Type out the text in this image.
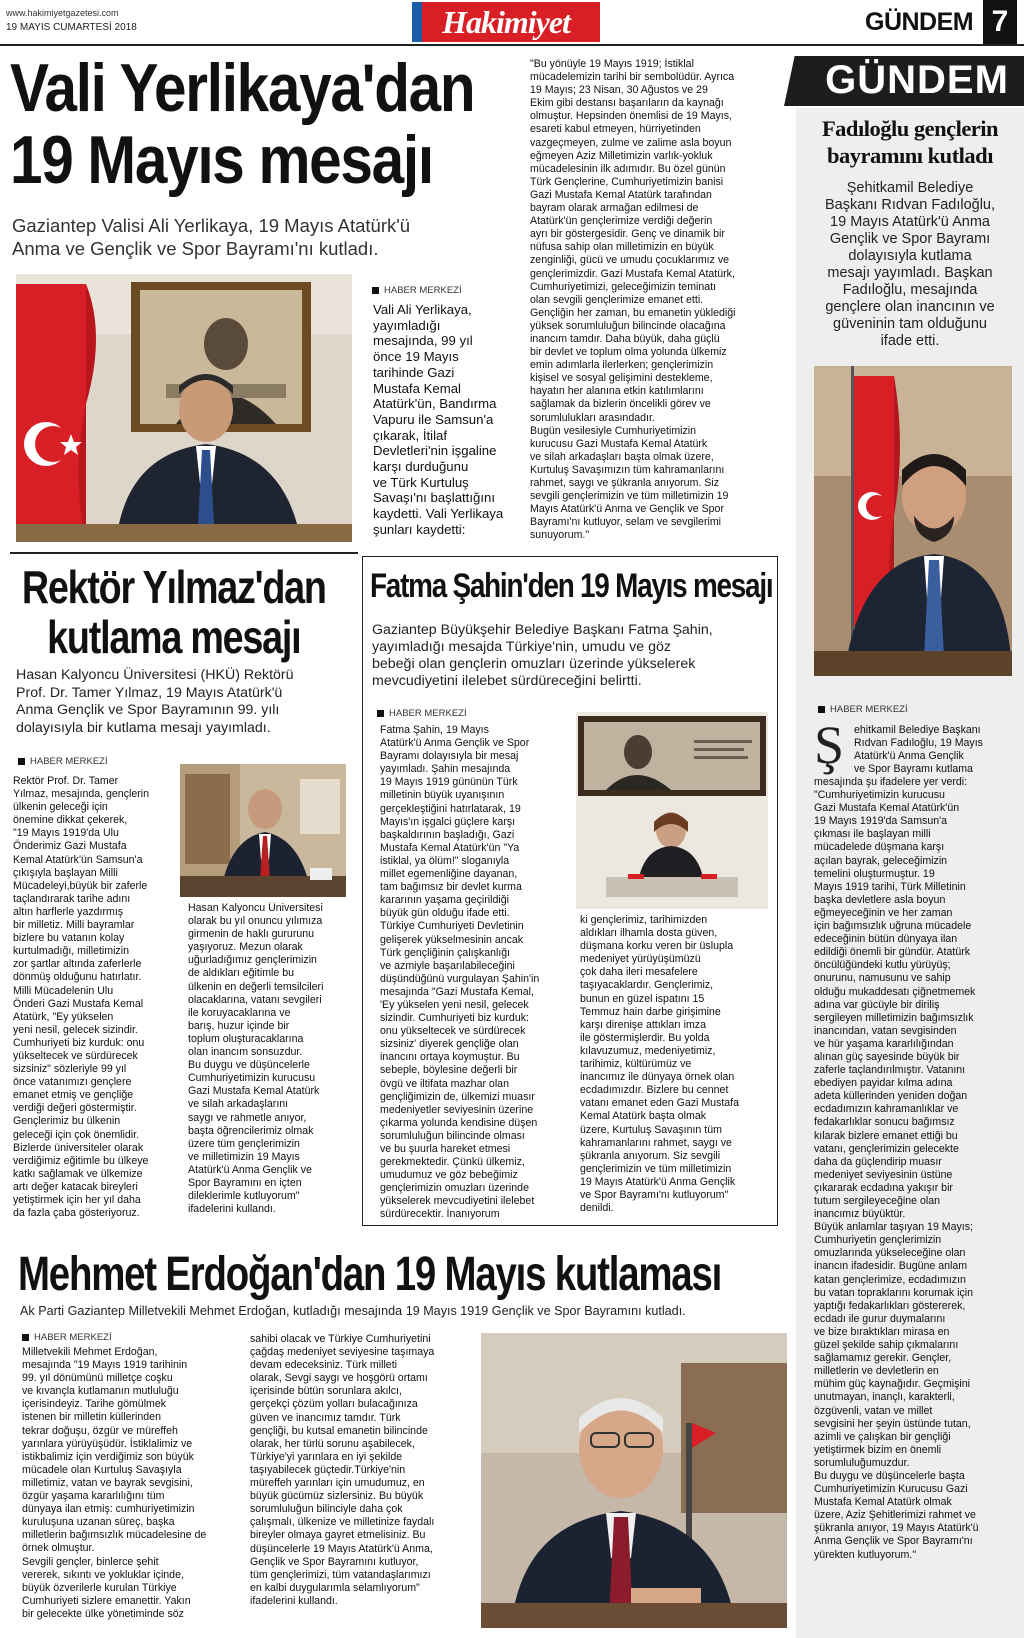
www.hakimiyetgazetesi.com
19 MAYIS CUMARTESİ 2018	Hakimiyet	GÜNDEM 7
Vali Yerlikaya'dan
19 Mayıs mesajı
Gaziantep Valisi Ali Yerlikaya, 19 Mayıs Atatürk'ü
Anma ve Gençlik ve Spor Bayramı'nı kutladı.
HABER MERKEZİ
Vali Ali Yerlikaya,
yayımladığı
mesajında, 99 yıl
önce 19 Mayıs
tarihinde Gazi
Mustafa Kemal
Atatürk'ün, Bandırma
Vapuru ile Samsun'a
çıkarak, İtilaf
Devletleri'nin işgaline
karşı durduğunu
ve Türk Kurtuluş
Savaşı'nı başlattığını
kaydetti. Vali Yerlikaya
şunları kaydetti:
"Bu yönüyle 19 Mayıs 1919; İstiklal
mücadelemizin tarihi bir sembolüdür. Ayrıca
19 Mayıs; 23 Nisan, 30 Ağustos ve 29
Ekim gibi destansı başarıların da kaynağı
olmuştur. Hepsinden önemlisi de 19 Mayıs,
esareti kabul etmeyen, hürriyetinden
vazgeçmeyen, zulme ve zalime asla boyun
eğmeyen Aziz Milletimizin varlık-yokluk
mücadelesinin ilk adımıdır. Bu özel günün
Türk Gençlerine, Cumhuriyetimizin banisi
Gazi Mustafa Kemal Atatürk tarafından
bayram olarak armağan edilmesi de
Atatürk'ün gençlerimize verdiği değerin
ayrı bir göstergesidir. Genç ve dinamik bir
nüfusa sahip olan milletimizin en büyük
zenginliği, gücü ve umudu çocuklarımız ve
gençlerimizdir. Gazi Mustafa Kemal Atatürk,
Cumhuriyetimizi, geleceğimizin teminatı
olan sevgili gençlerimize emanet etti.
Gençliğin her zaman, bu emanetin yüklediği
yüksek sorumluluğun bilincinde olacağına
inancım tamdır. Daha büyük, daha güçlü
bir devlet ve toplum olma yolunda ülkemiz
emin adımlarla ilerlerken; gençlerimizin
kişisel ve sosyal gelişimini destekleme,
hayatın her alanına etkin katılımlarını
sağlamak da bizlerin öncelikli görev ve
sorumlulukları arasındadır.
Bugün vesilesiyle Cumhuriyetimizin
kurucusu Gazi Mustafa Kemal Atatürk
ve silah arkadaşları başta olmak üzere,
Kurtuluş Savaşımızın tüm kahramanlarını
rahmet, saygı ve şükranla anıyorum. Siz
sevgili gençlerimizin ve tüm milletimizin 19
Mayıs Atatürk'ü Anma ve Gençlik ve Spor
Bayramı'nı kutluyor, selam ve sevgilerimi
sunuyorum."
Rektör Yılmaz'dan
kutlama mesajı
Hasan Kalyoncu Üniversitesi (HKÜ) Rektörü
Prof. Dr. Tamer Yılmaz, 19 Mayıs Atatürk'ü
Anma Gençlik ve Spor Bayramının 99. yılı
dolayısıyla bir kutlama mesajı yayımladı.
HABER MERKEZİ
Rektör Prof. Dr. Tamer
Yılmaz, mesajında, gençlerin
ülkenin geleceği için
önemine dikkat çekerek,
"19 Mayıs 1919'da Ulu
Önderimiz Gazi Mustafa
Kemal Atatürk'ün Samsun'a
çıkışıyla başlayan Milli
Mücadeleyi,büyük bir zaferle
taçlandırarak tarihe adını
altın harflerle yazdırmış
bir milletiz. Milli bayramlar
bizlere bu vatanın kolay
kurtulmadığı, milletimizin
zor şartlar altında zaferlerle
dönmüş olduğunu hatırlatır.
Milli Mücadelenin Ulu
Önderi Gazi Mustafa Kemal
Atatürk, "Ey yükselen
yeni nesil, gelecek sizindir.
Cumhuriyeti biz kurduk: onu
yükseltecek ve sürdürecek
sizsiniz" sözleriyle 99 yıl
önce vatanımızı gençlere
emanet etmiş ve gençliğe
verdiği değeri göstermiştir.
Gençlerimiz bu ülkenin
geleceği için çok önemlidir.
Bizlerde üniversiteler olarak
verdiğimiz eğitimle bu ülkeye
katkı sağlamak ve ülkemize
artı değer katacak bireyleri
yetiştirmek için her yıl daha
da fazla çaba gösteriyoruz.
Hasan Kalyoncu Üniversitesi
olarak bu yıl onuncu yılımıza
girmenin de haklı gururunu
yaşıyoruz. Mezun olarak
uğurladığımız gençlerimizin
de aldıkları eğitimle bu
ülkenin en değerli temsilcileri
olacaklarına, vatanı sevgileri
ile koruyacaklarına ve
barış, huzur içinde bir
toplum oluşturacaklarına
olan inancım sonsuzdur.
Bu duygu ve düşüncelerle
Cumhuriyetimizin kurucusu
Gazi Mustafa Kemal Atatürk
ve silah arkadaşlarını
saygı ve rahmetle anıyor,
başta öğrencilerimiz olmak
üzere tüm gençlerimizin
ve milletimizin 19 Mayıs
Atatürk'ü Anma Gençlik ve
Spor Bayramını en içten
dileklerimle kutluyorum"
ifadelerini kullandı.
Fatma Şahin'den 19 Mayıs mesajı
Gaziantep Büyükşehir Belediye Başkanı Fatma Şahin,
yayımladığı mesajda Türkiye'nin, umudu ve göz
bebeği olan gençlerin omuzları üzerinde yükselerek
mevcudiyetini ilelebet sürdüreceğini belirtti.
HABER MERKEZİ
Fatma Şahin, 19 Mayıs
Atatürk'ü Anma Gençlik ve Spor
Bayramı dolayısıyla bir mesaj
yayımladı. Şahin mesajında
19 Mayıs 1919 gününün Türk
milletinin büyük uyanışının
gerçekleştiğini hatırlatarak, 19
Mayıs'ın işgalci güçlere karşı
başkaldırının başladığı, Gazi
Mustafa Kemal Atatürk'ün "Ya
istiklal, ya ölüm!" sloganıyla
millet egemenliğine dayanan,
tam bağımsız bir devlet kurma
kararının yaşama geçirildiği
büyük gün olduğu ifade etti.
Türkiye Cumhuriyeti Devletinin
gelişerek yükselmesinin ancak
Türk gençliğinin çalışkanlığı
ve azmiyle başarılabileceğini
düşündüğünü vurgulayan Şahin'in
mesajında "Gazi Mustafa Kemal,
'Ey yükselen yeni nesil, gelecek
sizindir. Cumhuriyeti biz kurduk:
onu yükseltecek ve sürdürecek
sizsiniz' diyerek gençliğe olan
inancını ortaya koymuştur. Bu
sebeple, böylesine değerli bir
övgü ve iltifata mazhar olan
gençliğimizin de, ülkemizi muasır
medeniyetler seviyesinin üzerine
çıkarma yolunda kendisine düşen
sorumluluğun bilincinde olması
ve bu şuurla hareket etmesi
gerekmektedir. Çünkü ülkemiz,
umudumuz ve göz bebeğimiz
gençlerimizin omuzları üzerinde
yükselerek mevcudiyetini ilelebet
sürdürecektir. İnanıyorum
ki gençlerimiz, tarihimizden
aldıkları ilhamla dosta güven,
düşmana korku veren bir üslupla
medeniyet yürüyüşümüzü
çok daha ileri mesafelere
taşıyacaklardır. Gençlerimiz,
bunun en güzel ispatını 15
Temmuz hain darbe girişimine
karşı direnişe attıkları imza
ile göstermişlerdir. Bu yolda
kılavuzumuz, medeniyetimiz,
tarihimiz, kültürümüz ve
inancımız ile dünyaya örnek olan
ecdadımızdır. Bizlere bu cennet
vatanı emanet eden Gazi Mustafa
Kemal Atatürk başta olmak
üzere, Kurtuluş Savaşının tüm
kahramanlarını rahmet, saygı ve
şükranla anıyorum. Siz sevgili
gençlerimizin ve tüm milletimizin
19 Mayıs Atatürk'ü Anma Gençlik
ve Spor Bayramı'nı kutluyorum"
denildi.
Mehmet Erdoğan'dan 19 Mayıs kutlaması
Ak Parti Gaziantep Milletvekili Mehmet Erdoğan, kutladığı mesajında 19 Mayıs 1919 Gençlik ve Spor Bayramını kutladı.
HABER MERKEZİ
Milletvekili Mehmet Erdoğan,
mesajında "19 Mayıs 1919 tarihinin
99. yıl dönümünü milletçe coşku
ve kıvançla kutlamanın mutluluğu
içerisindeyiz. Tarihe gömülmek
istenen bir milletin küllerinden
tekrar doğuşu, özgür ve müreffeh
yarınlara yürüyüşüdür. İstiklalimiz ve
istikbalimiz için verdiğimiz son büyük
mücadele olan Kurtuluş Savaşıyla
milletimiz, vatan ve bayrak sevgisini,
özgür yaşama kararlılığını tüm
dünyaya ilan etmiş: cumhuriyetimizin
kuruluşuna uzanan süreç, başka
milletlerin bağımsızlık mücadelesine de
örnek olmuştur.
Sevgili gençler, binlerce şehit
vererek, sıkıntı ve yokluklar içinde,
büyük özverilerle kurulan Türkiye
Cumhuriyeti sizlere emanettir. Yakın
bir gelecekte ülke yönetiminde söz
sahibi olacak ve Türkiye Cumhuriyetini
çağdaş medeniyet seviyesine taşımaya
devam edeceksiniz. Türk milleti
olarak, Sevgi saygı ve hoşgörü ortamı
içerisinde bütün sorunlara akılcı,
gerçekçi çözüm yolları bulacağınıza
güven ve inancımız tamdır. Türk
gençliği, bu kutsal emanetin bilincinde
olarak, her türlü sorunu aşabilecek,
Türkiye'yi yarınlara en iyi şekilde
taşıyabilecek güçtedir.Türkiye'nin
müreffeh yarınları için umudumuz, en
büyük gücümüz sizlersiniz. Bu büyük
sorumluluğun bilinciyle daha çok
çalışmalı, ülkenize ve milletinize faydalı
bireyler olmaya gayret etmelisiniz. Bu
düşüncelerle 19 Mayıs Atatürk'ü Anma,
Gençlik ve Spor Bayramını kutluyor,
tüm gençlerimizi, tüm vatandaşlarımızı
en kalbi duygularımla selamlıyorum"
ifadelerini kullandı.
GÜNDEM
Fadıloğlu gençlerin
bayramını kutladı
Şehitkamil Belediye
Başkanı Rıdvan Fadıloğlu,
19 Mayıs Atatürk'ü Anma
Gençlik ve Spor Bayramı
dolayısıyla kutlama
mesajı yayımladı. Başkan
Fadıloğlu, mesajında
gençlere olan inancının ve
güveninin tam olduğunu
ifade etti.
HABER MERKEZİ
Ş ehitkamil Belediye Başkanı
Rıdvan Fadıloğlu, 19 Mayıs
Atatürk'ü Anma Gençlik
ve Spor Bayramı kutlama
mesajında şu ifadelere yer verdi:
"Cumhuriyetimizin kurucusu
Gazi Mustafa Kemal Atatürk'ün
19 Mayıs 1919'da Samsun'a
çıkması ile başlayan milli
mücadelede düşmana karşı
açılan bayrak, geleceğimizin
temelini oluşturmuştur. 19
Mayıs 1919 tarihi, Türk Milletinin
başka devletlere asla boyun
eğmeyeceğinin ve her zaman
için bağımsızlık uğruna mücadele
edeceğinin bütün dünyaya ilan
edildiği önemli bir gündür. Atatürk
öncülüğündeki kutlu yürüyüş;
onurunu, namusunu ve sahip
olduğu mukaddesatı çiğnetmemek
adına var gücüyle bir diriliş
sergileyen milletimizin bağımsızlık
inancından, vatan sevgisinden
ve hür yaşama kararlılığından
alınan güç sayesinde büyük bir
zaferle taçlandırılmıştır. Vatanını
ebediyen payidar kılma adına
adeta küllerinden yeniden doğan
ecdadımızın kahramanlıklar ve
fedakarlıklar sonucu bağımsız
kılarak bizlere emanet ettiği bu
vatanı, gençlerimizin gelecekte
daha da güçlendirip muasır
medeniyet seviyesinin üstüne
çıkararak ecdadına yakışır bir
tutum sergileyeceğine olan
inancımız büyüktür.
Büyük anlamlar taşıyan 19 Mayıs;
Cumhuriyetin gençlerimizin
omuzlarında yükseleceğine olan
inancın ifadesidir. Bugüne anlam
katan gençlerimize, ecdadımızın
bu vatan topraklarını korumak için
yaptığı fedakarlıkları göstererek,
ecdadı ile gurur duymalarını
ve bize bıraktıkları mirasa en
güzel şekilde sahip çıkmalarını
sağlamamız gerekir. Gençler,
milletlerin ve devletlerin en
mühim güç kaynağıdır. Geçmişini
unutmayan, inançlı, karakterli,
özgüvenli, vatan ve millet
sevgisini her şeyin üstünde tutan,
azimli ve çalışkan bir gençliği
yetiştirmek bizim en önemli
sorumluluğumuzdur.
Bu duygu ve düşüncelerle başta
Cumhuriyetimizin Kurucusu Gazi
Mustafa Kemal Atatürk olmak
üzere, Aziz Şehitlerimizi rahmet ve
şükranla anıyor, 19 Mayıs Atatürk'ü
Anma Gençlik ve Spor Bayramı'nı
yürekten kutluyorum."
